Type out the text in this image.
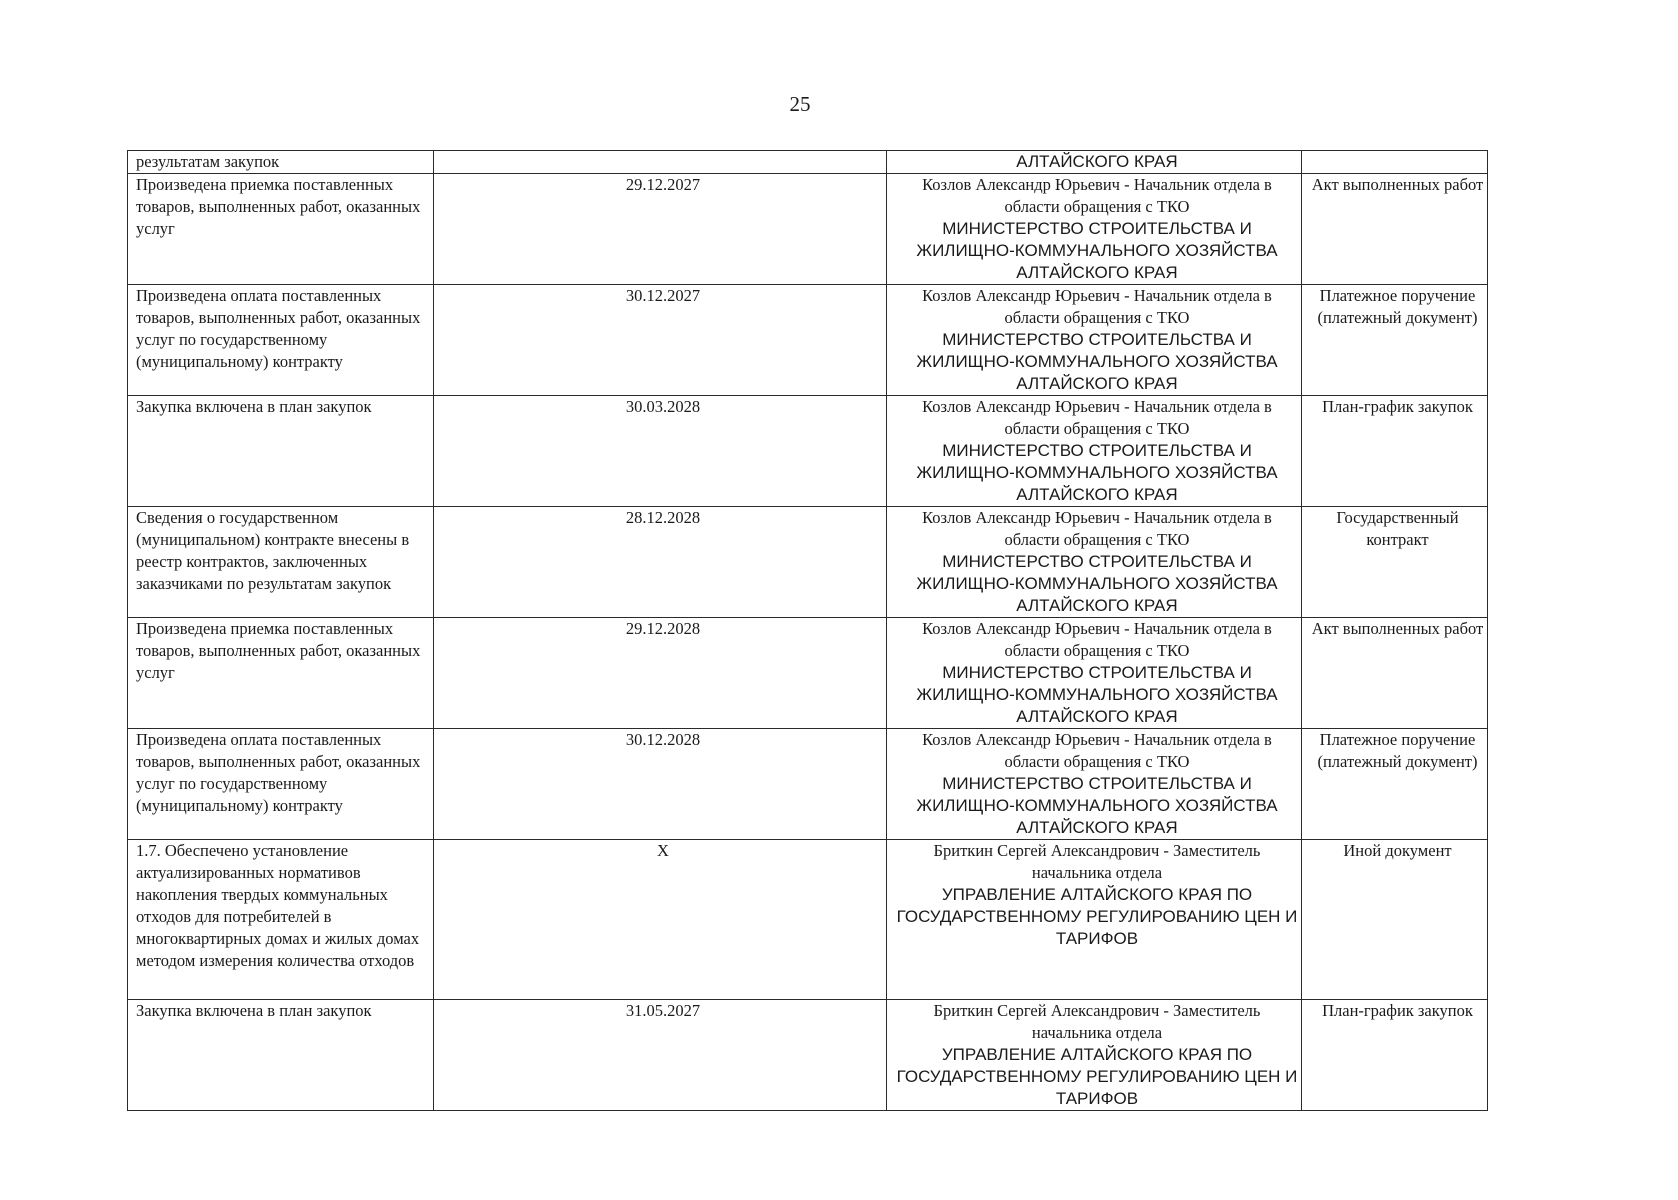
25
результатам закупок		АЛТАЙСКОГО КРАЯ	

Произведена приемка поставленных товаров, выполненных работ, оказанных услуг	29.12.2027	Козлов Александр Юрьевич - Начальник отдела в области обращения с ТКО
МИНИСТЕРСТВО СТРОИТЕЛЬСТВА И ЖИЛИЩНО-КОММУНАЛЬНОГО ХОЗЯЙСТВА АЛТАЙСКОГО КРАЯ	Акт выполненных работ
Произведена оплата поставленных товаров, выполненных работ, оказанных услуг по государственному (муниципальному) контракту	30.12.2027	Козлов Александр Юрьевич - Начальник отдела в области обращения с ТКО
МИНИСТЕРСТВО СТРОИТЕЛЬСТВА И ЖИЛИЩНО-КОММУНАЛЬНОГО ХОЗЯЙСТВА АЛТАЙСКОГО КРАЯ	Платежное поручение (платежный документ)
Закупка включена в план закупок	30.03.2028	Козлов Александр Юрьевич - Начальник отдела в области обращения с ТКО
МИНИСТЕРСТВО СТРОИТЕЛЬСТВА И ЖИЛИЩНО-КОММУНАЛЬНОГО ХОЗЯЙСТВА АЛТАЙСКОГО КРАЯ	План-график закупок
Сведения о государственном (муниципальном) контракте внесены в реестр контрактов, заключенных заказчиками по результатам закупок	28.12.2028	Козлов Александр Юрьевич - Начальник отдела в области обращения с ТКО
МИНИСТЕРСТВО СТРОИТЕЛЬСТВА И ЖИЛИЩНО-КОММУНАЛЬНОГО ХОЗЯЙСТВА АЛТАЙСКОГО КРАЯ	Государственный контракт
Произведена приемка поставленных товаров, выполненных работ, оказанных услуг	29.12.2028	Козлов Александр Юрьевич - Начальник отдела в области обращения с ТКО
МИНИСТЕРСТВО СТРОИТЕЛЬСТВА И ЖИЛИЩНО-КОММУНАЛЬНОГО ХОЗЯЙСТВА АЛТАЙСКОГО КРАЯ	Акт выполненных работ
Произведена оплата поставленных товаров, выполненных работ, оказанных услуг по государственному (муниципальному) контракту	30.12.2028	Козлов Александр Юрьевич - Начальник отдела в области обращения с ТКО
МИНИСТЕРСТВО СТРОИТЕЛЬСТВА И ЖИЛИЩНО-КОММУНАЛЬНОГО ХОЗЯЙСТВА АЛТАЙСКОГО КРАЯ	Платежное поручение (платежный документ)
1.7. Обеспечено установление актуализированных нормативов накопления твердых коммунальных отходов для потребителей в многоквартирных домах и жилых домах методом измерения количества отходов	X	Бриткин Сергей Александрович - Заместитель начальника отдела
УПРАВЛЕНИЕ АЛТАЙСКОГО КРАЯ ПО ГОСУДАРСТВЕННОМУ РЕГУЛИРОВАНИЮ ЦЕН И ТАРИФОВ	Иной документ
Закупка включена в план закупок	31.05.2027	Бриткин Сергей Александрович - Заместитель начальника отдела
УПРАВЛЕНИЕ АЛТАЙСКОГО КРАЯ ПО ГОСУДАРСТВЕННОМУ РЕГУЛИРОВАНИЮ ЦЕН И ТАРИФОВ	План-график закупок
